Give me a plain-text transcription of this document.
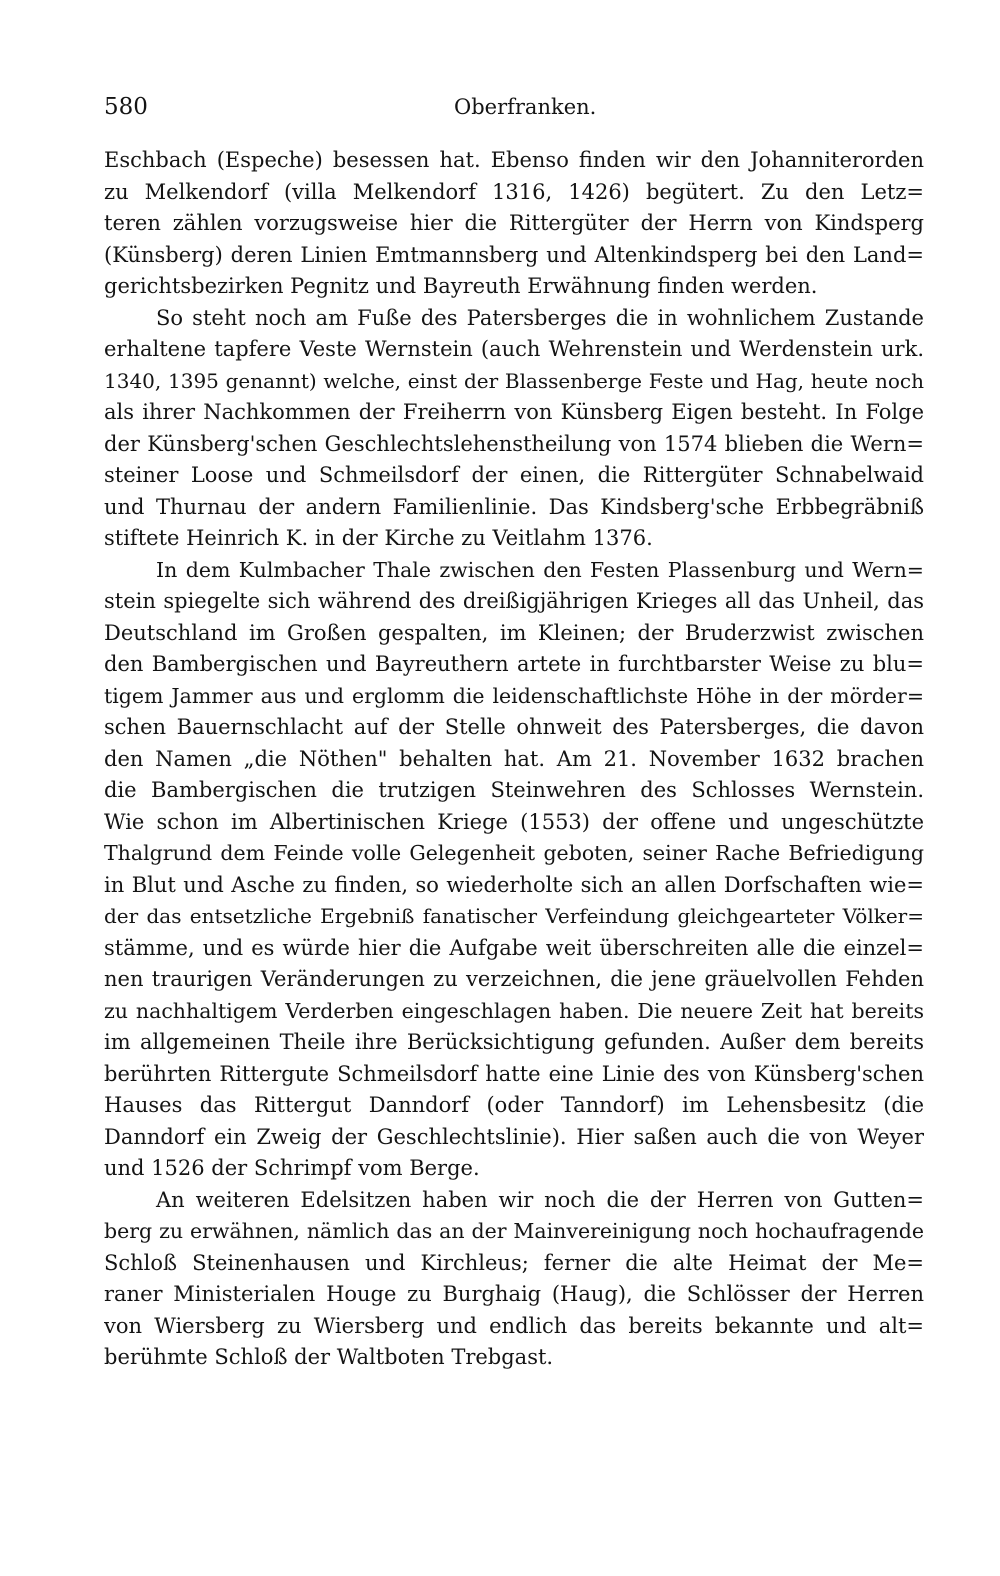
580	Oberfranken.
Eschbach (Espeche) besessen hat. Ebenso finden wir den Johanniterorden
zu Melkendorf (villa Melkendorf 1316, 1426) begütert. Zu den Letz=
teren zählen vorzugsweise hier die Rittergüter der Herrn von Kindsperg
(Künsberg) deren Linien Emtmannsberg und Altenkindsperg bei den Land=
gerichtsbezirken Pegnitz und Bayreuth Erwähnung finden werden.
So steht noch am Fuße des Patersberges die in wohnlichem Zustande
erhaltene tapfere Veste Wernstein (auch Wehrenstein und Werdenstein urk.
1340, 1395 genannt) welche, einst der Blassenberge Feste und Hag, heute noch
als ihrer Nachkommen der Freiherrn von Künsberg Eigen besteht. In Folge
der Künsberg'schen Geschlechtslehenstheilung von 1574 blieben die Wern=
steiner Loose und Schmeilsdorf der einen, die Rittergüter Schnabelwaid
und Thurnau der andern Familienlinie. Das Kindsberg'sche Erbbegräbniß
stiftete Heinrich K. in der Kirche zu Veitlahm 1376.
In dem Kulmbacher Thale zwischen den Festen Plassenburg und Wern=
stein spiegelte sich während des dreißigjährigen Krieges all das Unheil, das
Deutschland im Großen gespalten, im Kleinen; der Bruderzwist zwischen
den Bambergischen und Bayreuthern artete in furchtbarster Weise zu blu=
tigem Jammer aus und erglomm die leidenschaftlichste Höhe in der mörder=
schen Bauernschlacht auf der Stelle ohnweit des Patersberges, die davon
den Namen „die Nöthen" behalten hat. Am 21. November 1632 brachen
die Bambergischen die trutzigen Steinwehren des Schlosses Wernstein.
Wie schon im Albertinischen Kriege (1553) der offene und ungeschützte
Thalgrund dem Feinde volle Gelegenheit geboten, seiner Rache Befriedigung
in Blut und Asche zu finden, so wiederholte sich an allen Dorfschaften wie=
der das entsetzliche Ergebniß fanatischer Verfeindung gleichgearteter Völker=
stämme, und es würde hier die Aufgabe weit überschreiten alle die einzel=
nen traurigen Veränderungen zu verzeichnen, die jene gräuelvollen Fehden
zu nachhaltigem Verderben eingeschlagen haben. Die neuere Zeit hat bereits
im allgemeinen Theile ihre Berücksichtigung gefunden. Außer dem bereits
berührten Rittergute Schmeilsdorf hatte eine Linie des von Künsberg'schen
Hauses das Rittergut Danndorf (oder Tanndorf) im Lehensbesitz (die
Danndorf ein Zweig der Geschlechtslinie). Hier saßen auch die von Weyer
und 1526 der Schrimpf vom Berge.
An weiteren Edelsitzen haben wir noch die der Herren von Gutten=
berg zu erwähnen, nämlich das an der Mainvereinigung noch hochaufragende
Schloß Steinenhausen und Kirchleus; ferner die alte Heimat der Me=
raner Ministerialen Houge zu Burghaig (Haug), die Schlösser der Herren
von Wiersberg zu Wiersberg und endlich das bereits bekannte und alt=
berühmte Schloß der Waltboten Trebgast.
